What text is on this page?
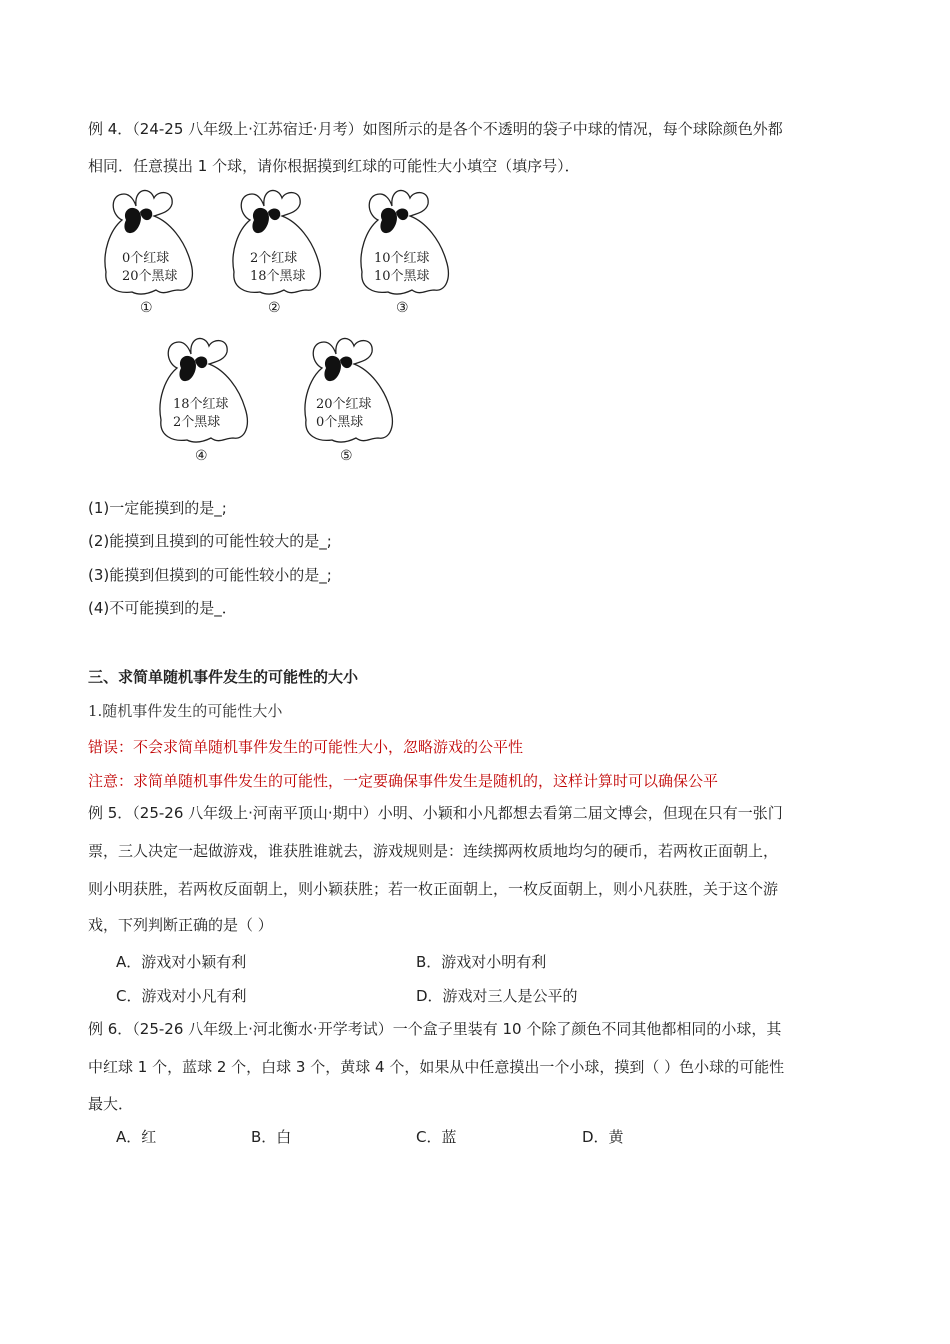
例 4．（24-25 八年级上·江苏宿迁·月考）如图所示的是各个不透明的袋子中球的情况，每个球除颜色外都
相同．任意摸出 1 个球，请你根据摸到红球的可能性大小填空（填序号）．
0个红球
20个黑球
①
2个红球
18个黑球
②
10个红球
10个黑球
③
18个红球
2个黑球
④
20个红球
0个黑球
⑤
(1)一定能摸到的是_;
(2)能摸到且摸到的可能性较大的是_;
(3)能摸到但摸到的可能性较小的是_;
(4)不可能摸到的是_．
三、求简单随机事件发生的可能性的大小
1.随机事件发生的可能性大小
错误：不会求简单随机事件发生的可能性大小，忽略游戏的公平性
注意：求简单随机事件发生的可能性，一定要确保事件发生是随机的，这样计算时可以确保公平
例 5．（25-26 八年级上·河南平顶山·期中）小明、小颖和小凡都想去看第二届文博会，但现在只有一张门
票，三人决定一起做游戏，谁获胜谁就去，游戏规则是：连续掷两枚质地均匀的硬币，若两枚正面朝上，
则小明获胜，若两枚反面朝上，则小颖获胜；若一枚正面朝上，一枚反面朝上，则小凡获胜，关于这个游
戏，下列判断正确的是（ ）
A．游戏对小颖有利	B．游戏对小明有利
C．游戏对小凡有利	D．游戏对三人是公平的
例 6．（25-26 八年级上·河北衡水·开学考试）一个盒子里装有 10 个除了颜色不同其他都相同的小球，其
中红球 1 个，蓝球 2 个，白球 3 个，黄球 4 个，如果从中任意摸出一个小球，摸到（ ）色小球的可能性
最大．
A．红	B．白	C．蓝	D．黄
